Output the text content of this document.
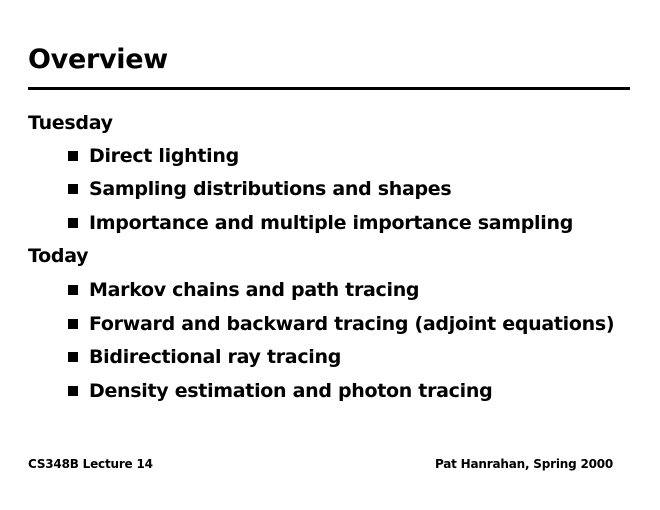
Overview
Tuesday
Direct lighting
Sampling distributions and shapes
Importance and multiple importance sampling
Today
Markov chains and path tracing
Forward and backward tracing (adjoint equations)
Bidirectional ray tracing
Density estimation and photon tracing
CS348B Lecture 14	Pat Hanrahan, Spring 2000
